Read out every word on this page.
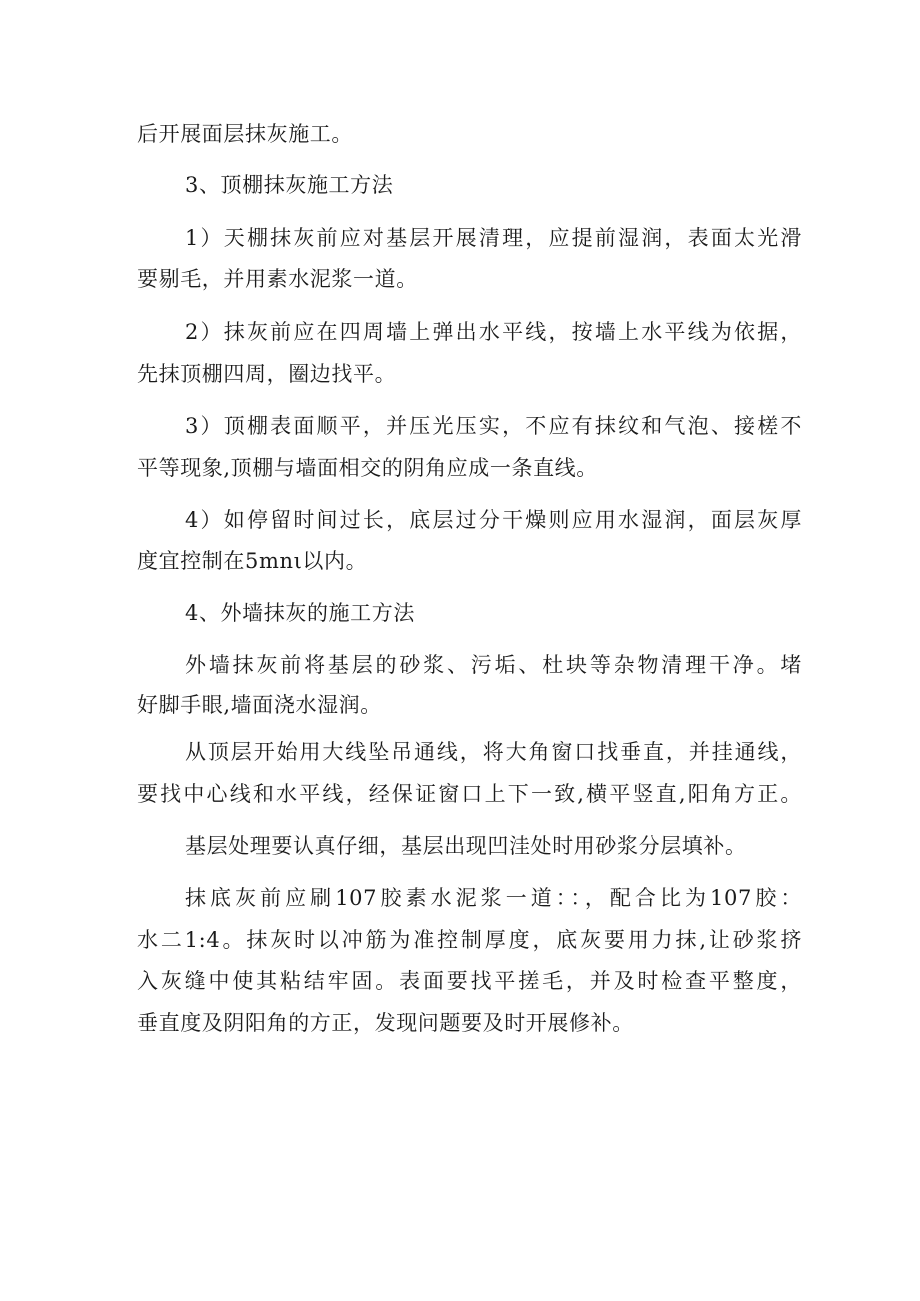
后开展面层抹灰施工。
3、顶棚抹灰施工方法
1）天棚抹灰前应对基层开展清理，应提前湿润，表面太光滑
要剔毛，并用素水泥浆一道。
2）抹灰前应在四周墙上弹出水平线，按墙上水平线为依据，
先抹顶棚四周，圈边找平。
3）顶棚表面顺平，并压光压实，不应有抹纹和气泡、接槎不
平等现象,顶棚与墙面相交的阴角应成一条直线。
4）如停留时间过长，底层过分干燥则应用水湿润，面层灰厚
度宜控制在5mnι以内。
4、外墙抹灰的施工方法
外墙抹灰前将基层的砂浆、污垢、杜块等杂物清理干净。堵
好脚手眼,墙面浇水湿润。
从顶层开始用大线坠吊通线，将大角窗口找垂直，并挂通线，
要找中心线和水平线，经保证窗口上下一致,横平竖直,阳角方正。
基层处理要认真仔细，基层出现凹洼处时用砂浆分层填补。
抹底灰前应刷107胶素水泥浆一道：：，配合比为107胶：
水二1:4。抹灰时以冲筋为准控制厚度，底灰要用力抹,让砂浆挤
入灰缝中使其粘结牢固。表面要找平搓毛，并及时检查平整度，
垂直度及阴阳角的方正，发现问题要及时开展修补。
